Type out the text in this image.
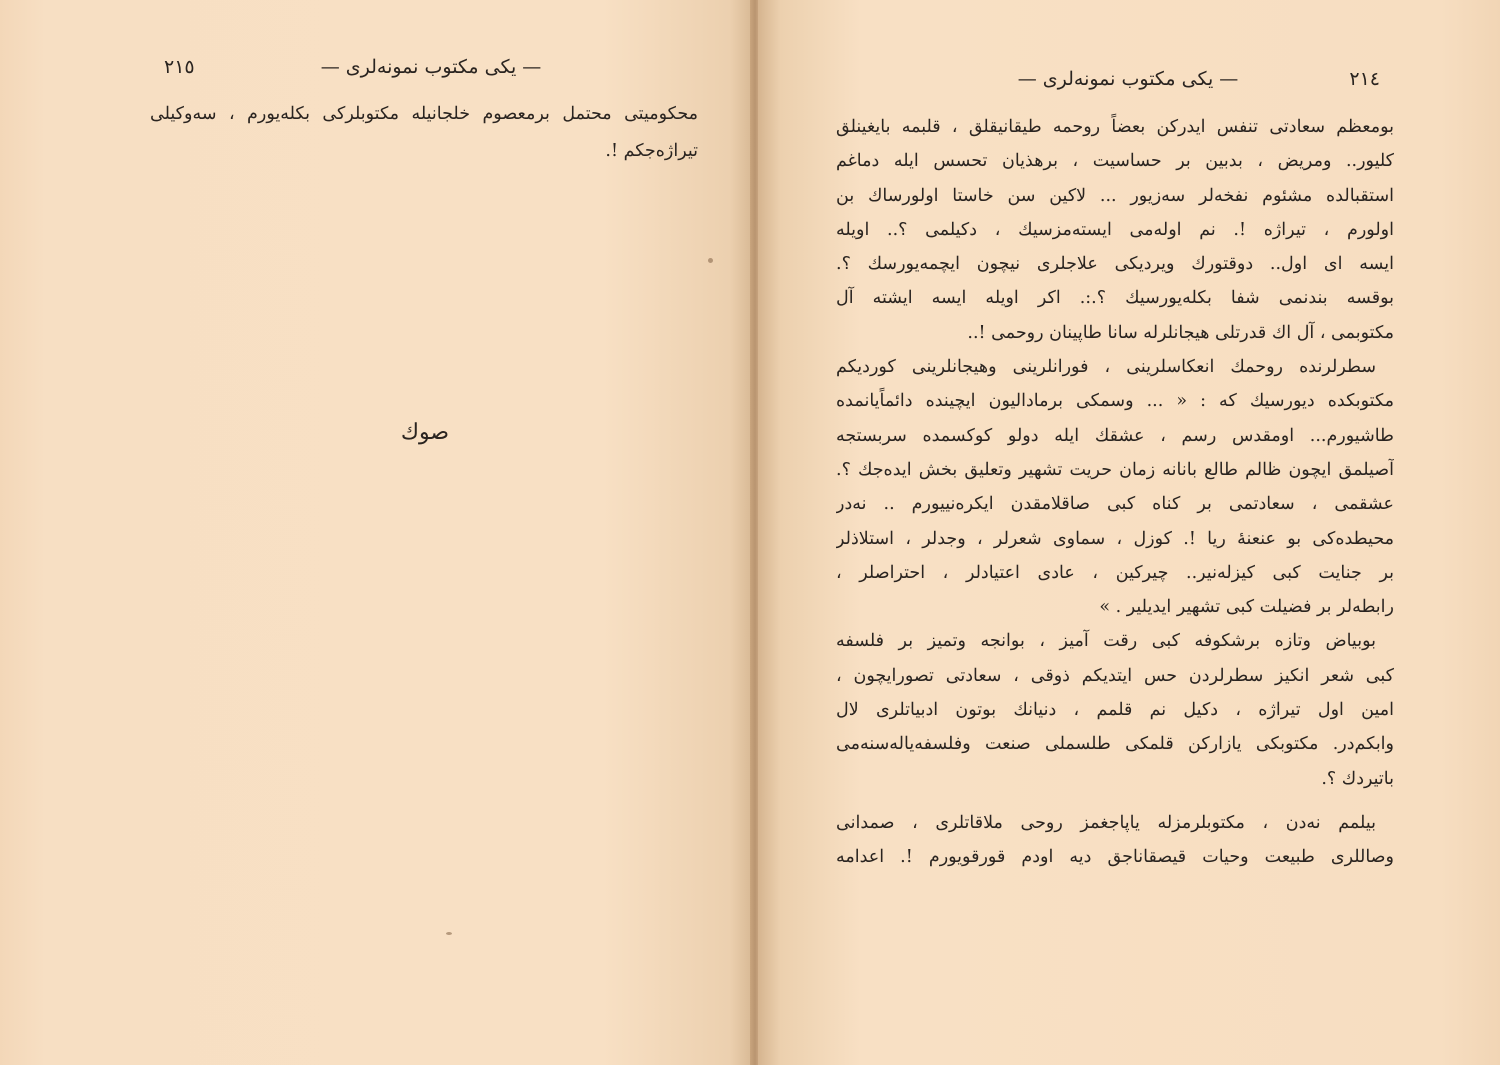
٢١٥	— یکی مکتوب نمونه‌لری —
محکومیتی محتمل برمعصوم خلجانیله مکتوبلرکی بکله‌یورم ، سه‌وکیلی
تیراژه‌جکم !.
صوك
٢١٤
— یکی مکتوب نمونه‌لری —
بومعظم سعادتی تنفس ایدرکن بعضاً روحمه طیقانیقلق ، قلبمه بایغینلق
کلیور.. ومریض ، بدبین بر حساسیت ، برهذیان تحسس ایله دماغم
استقبالده مشئوم نفخه‌لر سه‌زیور ... لاکین سن خاستا اولورساك بن
اولورم ، تیراژه !. نم اوله‌می ایسته‌مزسیك ، دکیلمی ؟.. اویله
ایسه ای اول.. دوقتورك ویردیکی علاجلری نیچون ایچمه‌یورسك ؟.
بوقسه بندنمی شفا بکله‌یورسیك ؟.:. اکر اویله ایسه ایشته آل
مکتوبمی ، آل اك قدرتلی هیجانلرله سانا طاپینان روحمی !..
سطرلرنده روحمك انعکاسلرینی ، فورانلرینی وهیجانلرینی کوردیکم
مکتوبکده دیورسیك که : « ... وسمکی برماداليون ایچینده دائماًیانمده
طاشیورم... اومقدس رسم ، عشقك ایله دولو کوکسمده سربستجه
آصیلمق ایچون ظالم طالع بانانه زمان حریت تشهیر وتعلیق بخش ایده‌جك ؟.
عشقمی ، سعادتمی بر کناه کبی صاقلامقدن ایکره‌نییورم .. نه‌در
محیطده‌کی بو عنعنهٔ ریا !. کوزل ، سماوی شعرلر ، وجدلر ، استلاذلر
بر جنایت کبی کیزله‌نیر.. چیرکین ، عادی اعتیادلر ، احتراصلر ،
رابطه‌لر بر فضیلت کبی تشهیر ایدیلیر . »
بوبیاض وتازه برشکوفه کبی رقت آمیز ، بوانجه وتمیز بر فلسفه
کبی شعر انکیز سطرلردن حس ایتدیکم ذوقی ، سعادتی تصورایچون ،
امین اول تیراژه ، دکیل نم قلمم ، دنیانك بوتون ادبیاتلری لال
وابکم‌در. مکتوبکی یازارکن قلمکی طلسملی صنعت وفلسفه‌یاله‌سنه‌می
باتیردك ؟.
بیلمم نه‌دن ، مکتوبلرمزله یاپاجغمز روحی ملاقاتلری ، صمدانی
وصاللری طبیعت وحیات قیصقاناجق دیه اودم قورقویورم !. اعدامه
